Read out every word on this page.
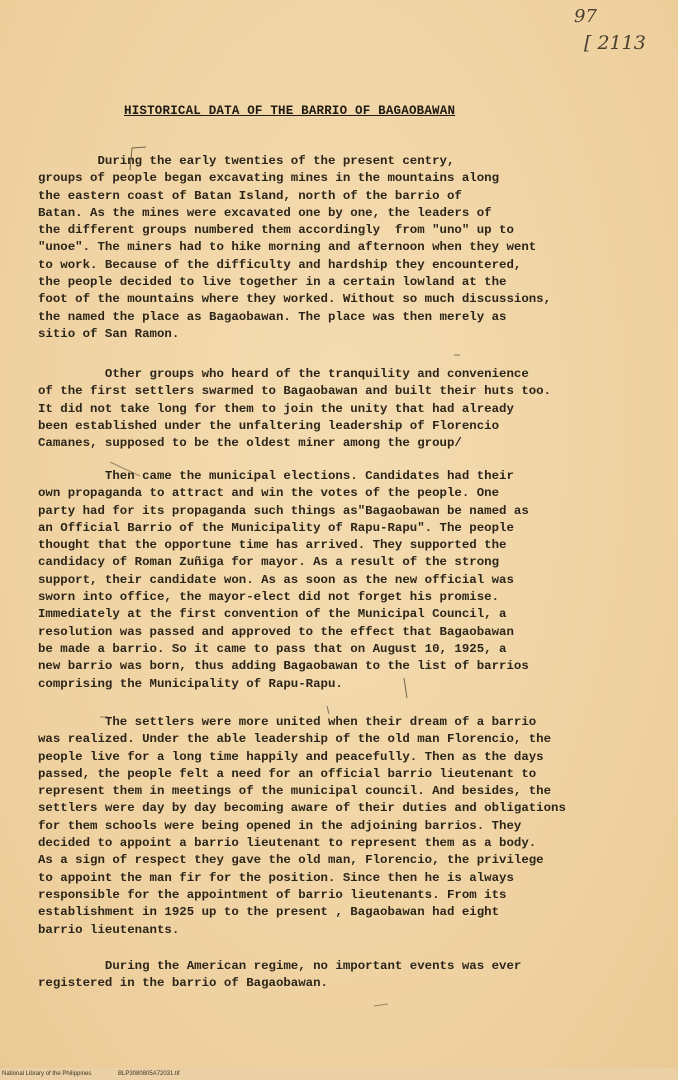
97
[ 2113
HISTORICAL DATA OF THE BARRIO OF BAGAOBAWAN
During the early twenties of the present centry,
groups of people began excavating mines in the mountains along
the eastern coast of Batan Island, north of the barrio of
Batan. As the mines were excavated one by one, the leaders of
the different groups numbered them accordingly  from "uno" up to
"unoe". The miners had to hike morning and afternoon when they went
to work. Because of the difficulty and hardship they encountered,
the people decided to live together in a certain lowland at the
foot of the mountains where they worked. Without so much discussions,
the named the place as Bagaobawan. The place was then merely as
sitio of San Ramon.
Other groups who heard of the tranquility and convenience
of the first settlers swarmed to Bagaobawan and built their huts too.
It did not take long for them to join the unity that had already
been established under the unfaltering leadership of Florencio
Camanes, supposed to be the oldest miner among the group/
Then came the municipal elections. Candidates had their
own propaganda to attract and win the votes of the people. One
party had for its propaganda such things as"Bagaobawan be named as
an Official Barrio of the Municipality of Rapu-Rapu". The people
thought that the opportune time has arrived. They supported the
candidacy of Roman Zuñiga for mayor. As a result of the strong
support, their candidate won. As as soon as the new official was
sworn into office, the mayor-elect did not forget his promise.
Immediately at the first convention of the Municipal Council, a
resolution was passed and approved to the effect that Bagaobawan
be made a barrio. So it came to pass that on August 10, 1925, a
new barrio was born, thus adding Bagaobawan to the list of barrios
comprising the Municipality of Rapu-Rapu.
The settlers were more united when their dream of a barrio
was realized. Under the able leadership of the old man Florencio, the
people live for a long time happily and peacefully. Then as the days
passed, the people felt a need for an official barrio lieutenant to
represent them in meetings of the municipal council. And besides, the
settlers were day by day becoming aware of their duties and obligations
for them schools were being opened in the adjoining barrios. They
decided to appoint a barrio lieutenant to represent them as a body.
As a sign of respect they gave the old man, Florencio, the privilege
to appoint the man fir for the position. Since then he is always
responsible for the appointment of barrio lieutenants. From its
establishment in 1925 up to the present , Bagaobawan had eight
barrio lieutenants.
During the American regime, no important events was ever
registered in the barrio of Bagaobawan.
National Library of the Philippines	BLP3080805A72031.tif
